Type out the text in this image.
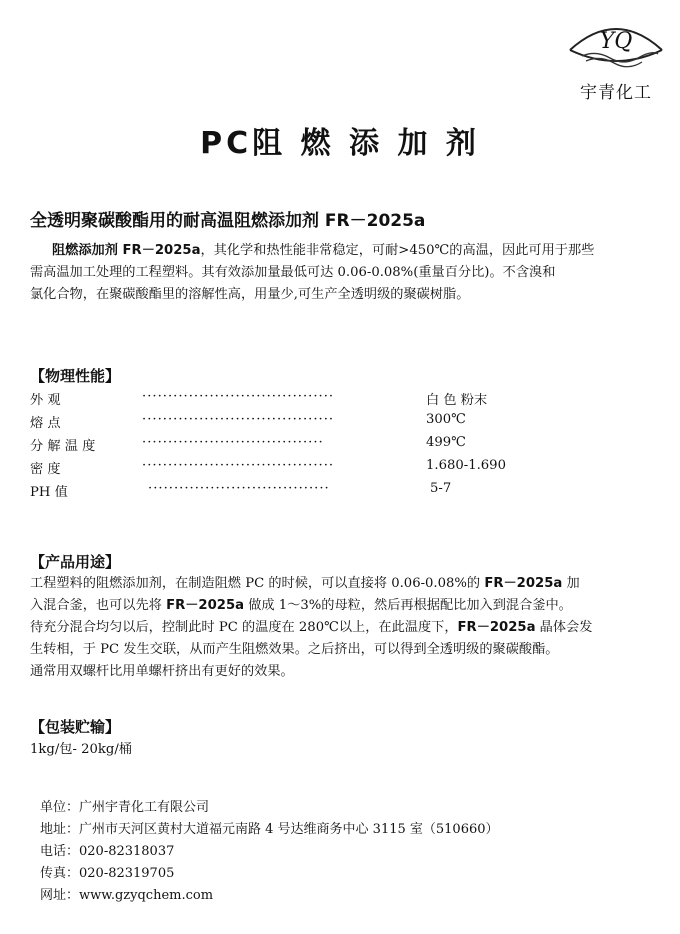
YQ
宇青化工
PC阻 燃 添 加 剂
全透明聚碳酸酯用的耐高温阻燃添加剂 FR－2025a
阻燃添加剂 FR－2025a，其化学和热性能非常稳定，可耐>450℃的高温，因此可用于那些
需高温加工处理的工程塑料。其有效添加量最低可达 0.06-0.08%(重量百分比)。不含溴和
氯化合物，在聚碳酸酯里的溶解性高，用量少,可生产全透明级的聚碳树脂。
【物理性能】
外 观	·····································	白 色 粉末
熔 点	·····································	300℃
分 解 温 度	···································	499℃
密 度	·····································	1.680-1.690
PH 值	···································	5-7
【产品用途】
工程塑料的阻燃添加剂，在制造阻燃 PC 的时候，可以直接将 0.06-0.08%的 FR－2025a 加
入混合釜，也可以先将 FR－2025a 做成 1～3%的母粒，然后再根据配比加入到混合釜中。
待充分混合均匀以后，控制此时 PC 的温度在 280℃以上，在此温度下，FR－2025a 晶体会发
生转相，于 PC 发生交联，从而产生阻燃效果。之后挤出，可以得到全透明级的聚碳酸酯。
通常用双螺杆比用单螺杆挤出有更好的效果。
【包装贮输】
1kg/包- 20kg/桶
单位：广州宇青化工有限公司
地址：广州市天河区黄村大道福元南路 4 号达维商务中心 3115 室（510660）
电话：020-82318037
传真：020-82319705
网址：www.gzyqchem.com
